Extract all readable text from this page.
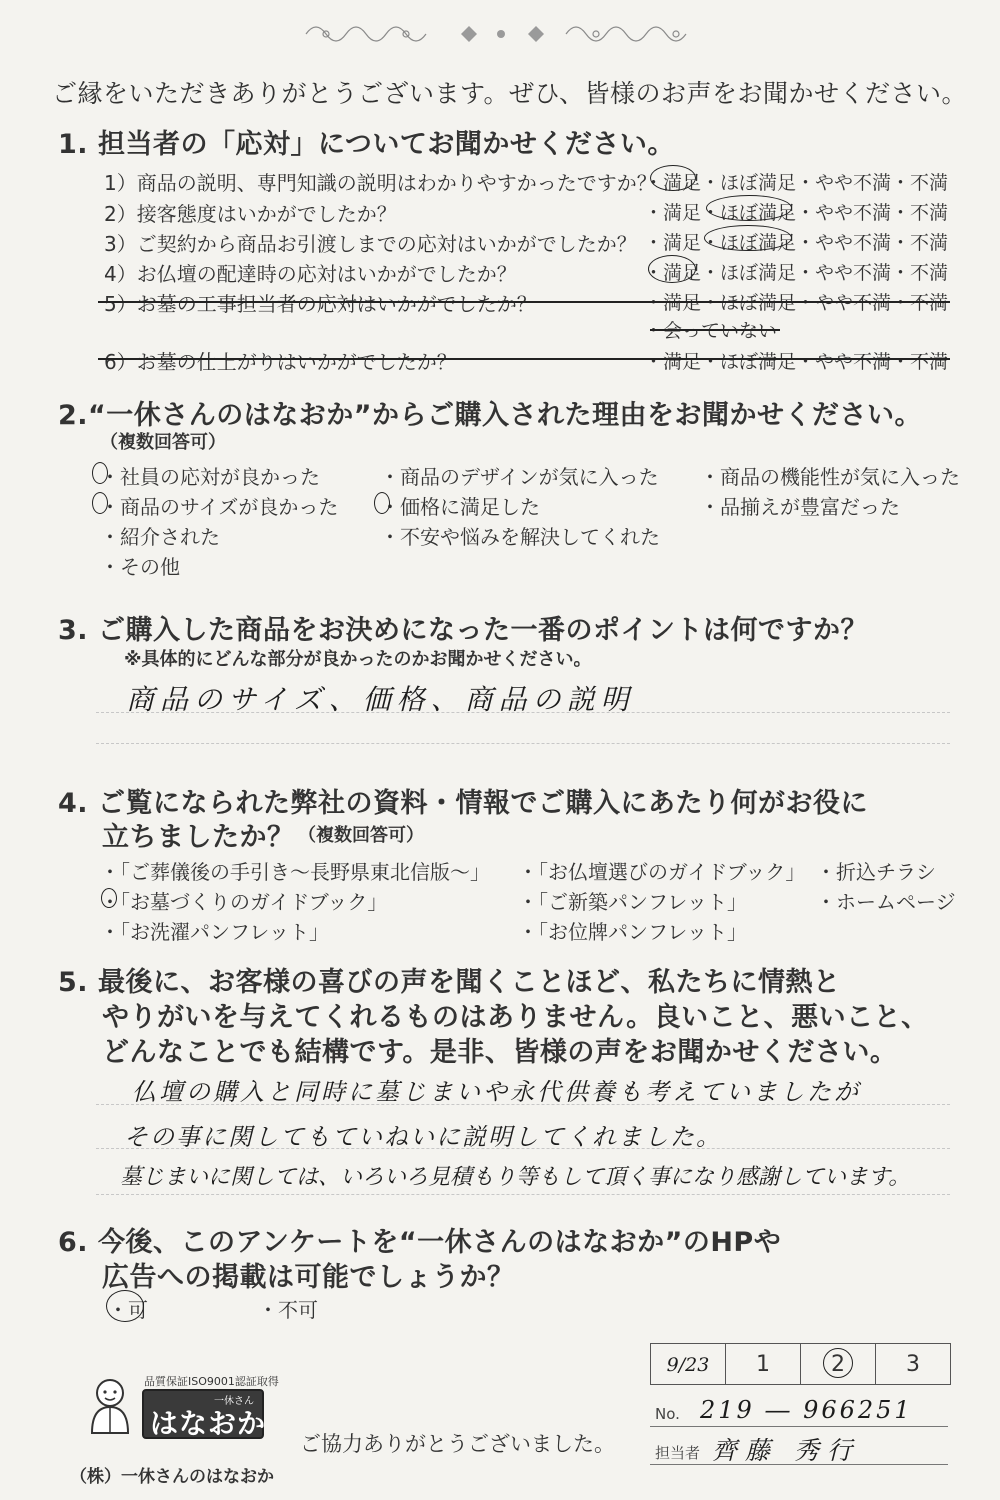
ご縁をいただきありがとうございます。ぜひ、皆様のお声をお聞かせください。
1. 担当者の「応対」についてお聞かせください。
1）商品の説明、専門知識の説明はわかりやすかったですか？
・満足・ほぼ満足・やや不満・不満
2）接客態度はいかがでしたか？	・満足・ほぼ満足・やや不満・不満
3）ご契約から商品お引渡しまでの応対はいかがでしたか？ ・満足・ほぼ満足・やや不満・不満
4）お仏壇の配達時の応対はいかがでしたか？	・満足・ほぼ満足・やや不満・不満
5）お墓の工事担当者の応対はいかがでしたか？	・満足・ほぼ満足・やや不満・不満
・会っていない
6）お墓の仕上がりはいかがでしたか？	・満足・ほぼ満足・やや不満・不満
2.“一休さんのはなおか”からご購入された理由をお聞かせください。
（複数回答可）
・社員の応対が良かった	・商品のデザインが気に入った ・商品の機能性が気に入った
・商品のサイズが良かった ・価格に満足した	・品揃えが豊富だった
・紹介された	・不安や悩みを解決してくれた
・その他
3. ご購入した商品をお決めになった一番のポイントは何ですか？
※具体的にどんな部分が良かったのかお聞かせください。
商品のサイズ、価格、商品の説明
4. ご覧になられた弊社の資料・情報でご購入にあたり何がお役に
立ちましたか？ （複数回答可）
・「ご葬儀後の手引き～長野県東北信版～」 ・「お仏壇選びのガイドブック」 ・折込チラシ
・「お墓づくりのガイドブック」	・「ご新築パンフレット」	・ホームページ
・「お洗濯パンフレット」	・「お位牌パンフレット」
5. 最後に、お客様の喜びの声を聞くことほど、私たちに情熱と
やりがいを与えてくれるものはありません。良いこと、悪いこと、
どんなことでも結構です。是非、皆様の声をお聞かせください。
仏壇の購入と同時に墓じまいや永代供養も考えていましたが
その事に関してもていねいに説明してくれました。
墓じまいに関しては、いろいろ見積もり等もして頂く事になり感謝しています。
6. 今後、このアンケートを“一休さんのはなおか”のHPや
広告への掲載は可能でしょうか？
・可	・不可
品質保証ISO9001認証取得
一休さん
はなおか
（株）一休さんのはなおか
ご協力ありがとうございました。
9/23	1	2	3
No. 219 ― 966251
担当者 齊藤 秀行
